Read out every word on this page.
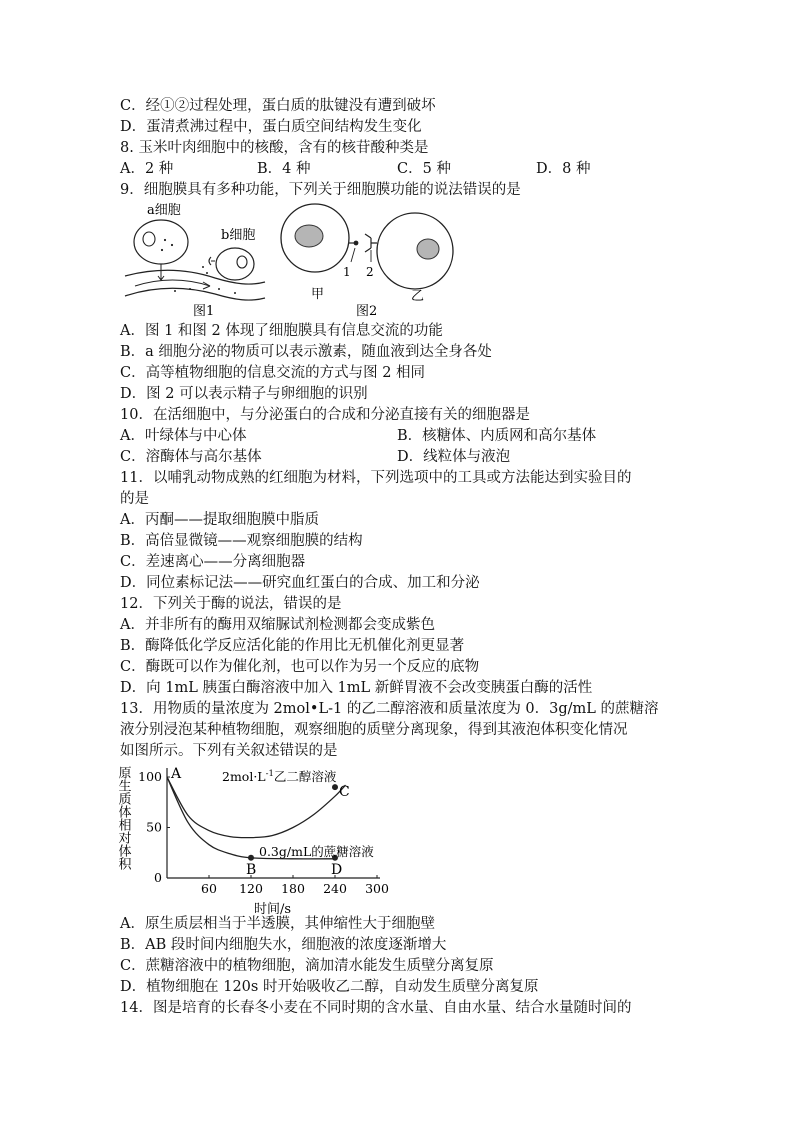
C．经①②过程处理，蛋白质的肽键没有遭到破坏
D．蛋清煮沸过程中，蛋白质空间结构发生变化
8. 玉米叶肉细胞中的核酸，含有的核苷酸种类是
A．2 种	B．4 种	C．5 种	D．8 种
9．细胞膜具有多种功能，下列关于细胞膜功能的说法错误的是
a细胞
b细胞
图1
1 2
甲	乙
图2
A．图 1 和图 2 体现了细胞膜具有信息交流的功能
B．a 细胞分泌的物质可以表示激素，随血液到达全身各处
C．高等植物细胞的信息交流的方式与图 2 相同
D．图 2 可以表示精子与卵细胞的识别
10．在活细胞中，与分泌蛋白的合成和分泌直接有关的细胞器是
A．叶绿体与中心体	B．核糖体、内质网和高尔基体
C．溶酶体与高尔基体	D．线粒体与液泡
11．以哺乳动物成熟的红细胞为材料，下列选项中的工具或方法能达到实验目的
的是
A．丙酮——提取细胞膜中脂质
B．高倍显微镜——观察细胞膜的结构
C．差速离心——分离细胞器
D．同位素标记法——研究血红蛋白的合成、加工和分泌
12．下列关于酶的说法，错误的是
A．并非所有的酶用双缩脲试剂检测都会变成紫色
B．酶降低化学反应活化能的作用比无机催化剂更显著
C．酶既可以作为催化剂，也可以作为另一个反应的底物
D．向 1mL 胰蛋白酶溶液中加入 1mL 新鲜胃液不会改变胰蛋白酶的活性
13．用物质的量浓度为 2mol•L-1 的乙二醇溶液和质量浓度为 0．3g/mL 的蔗糖溶
液分别浸泡某种植物细胞，观察细胞的质壁分离现象，得到其液泡体积变化情况
如图所示。下列有关叙述错误的是
原生质体相对体积
60 120 180 240 300
0
50
100 A
B
C
D
$2mol\cdot L^{-1}$乙二醇溶液
0.3g/mL的蔗糖溶液
时间/s
A．原生质层相当于半透膜，其伸缩性大于细胞壁
B．AB 段时间内细胞失水，细胞液的浓度逐渐增大
C．蔗糖溶液中的植物细胞，滴加清水能发生质壁分离复原
D．植物细胞在 120s 时开始吸收乙二醇，自动发生质壁分离复原
14．图是培育的长春冬小麦在不同时期的含水量、自由水量、结合水量随时间的
